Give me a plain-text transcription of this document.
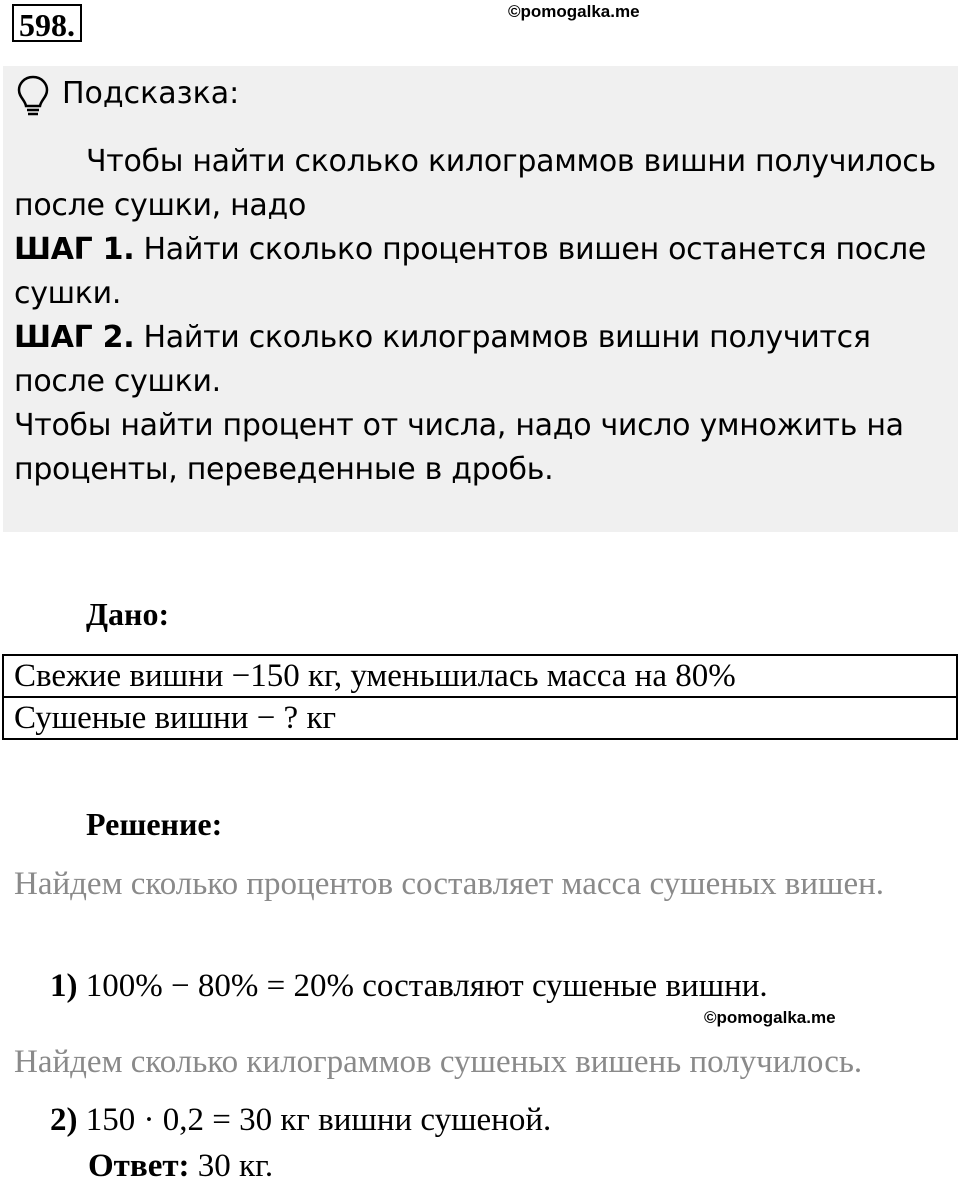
598.	©pomogalka.me
Подсказка:
Чтобы найти сколько килограммов вишни получилось после сушки, надо
ШАГ 1. Найти сколько процентов вишен останется после сушки.
ШАГ 2. Найти сколько килограммов вишни получится после сушки.
Чтобы найти процент от числа, надо число умножить на проценты, переведенные в дробь.
Дано:
Свежие вишни −150 кг, уменьшилась масса на 80%
Сушеные вишни − ? кг
Решение:
Найдем сколько процентов составляет масса сушеных вишен.
1) 100% − 80% = 20% составляют сушеные вишни.
©pomogalka.me
Найдем сколько килограммов сушеных вишень получилось.
2) 150 · 0,2 = 30 кг вишни сушеной.
Ответ: 30 кг.
